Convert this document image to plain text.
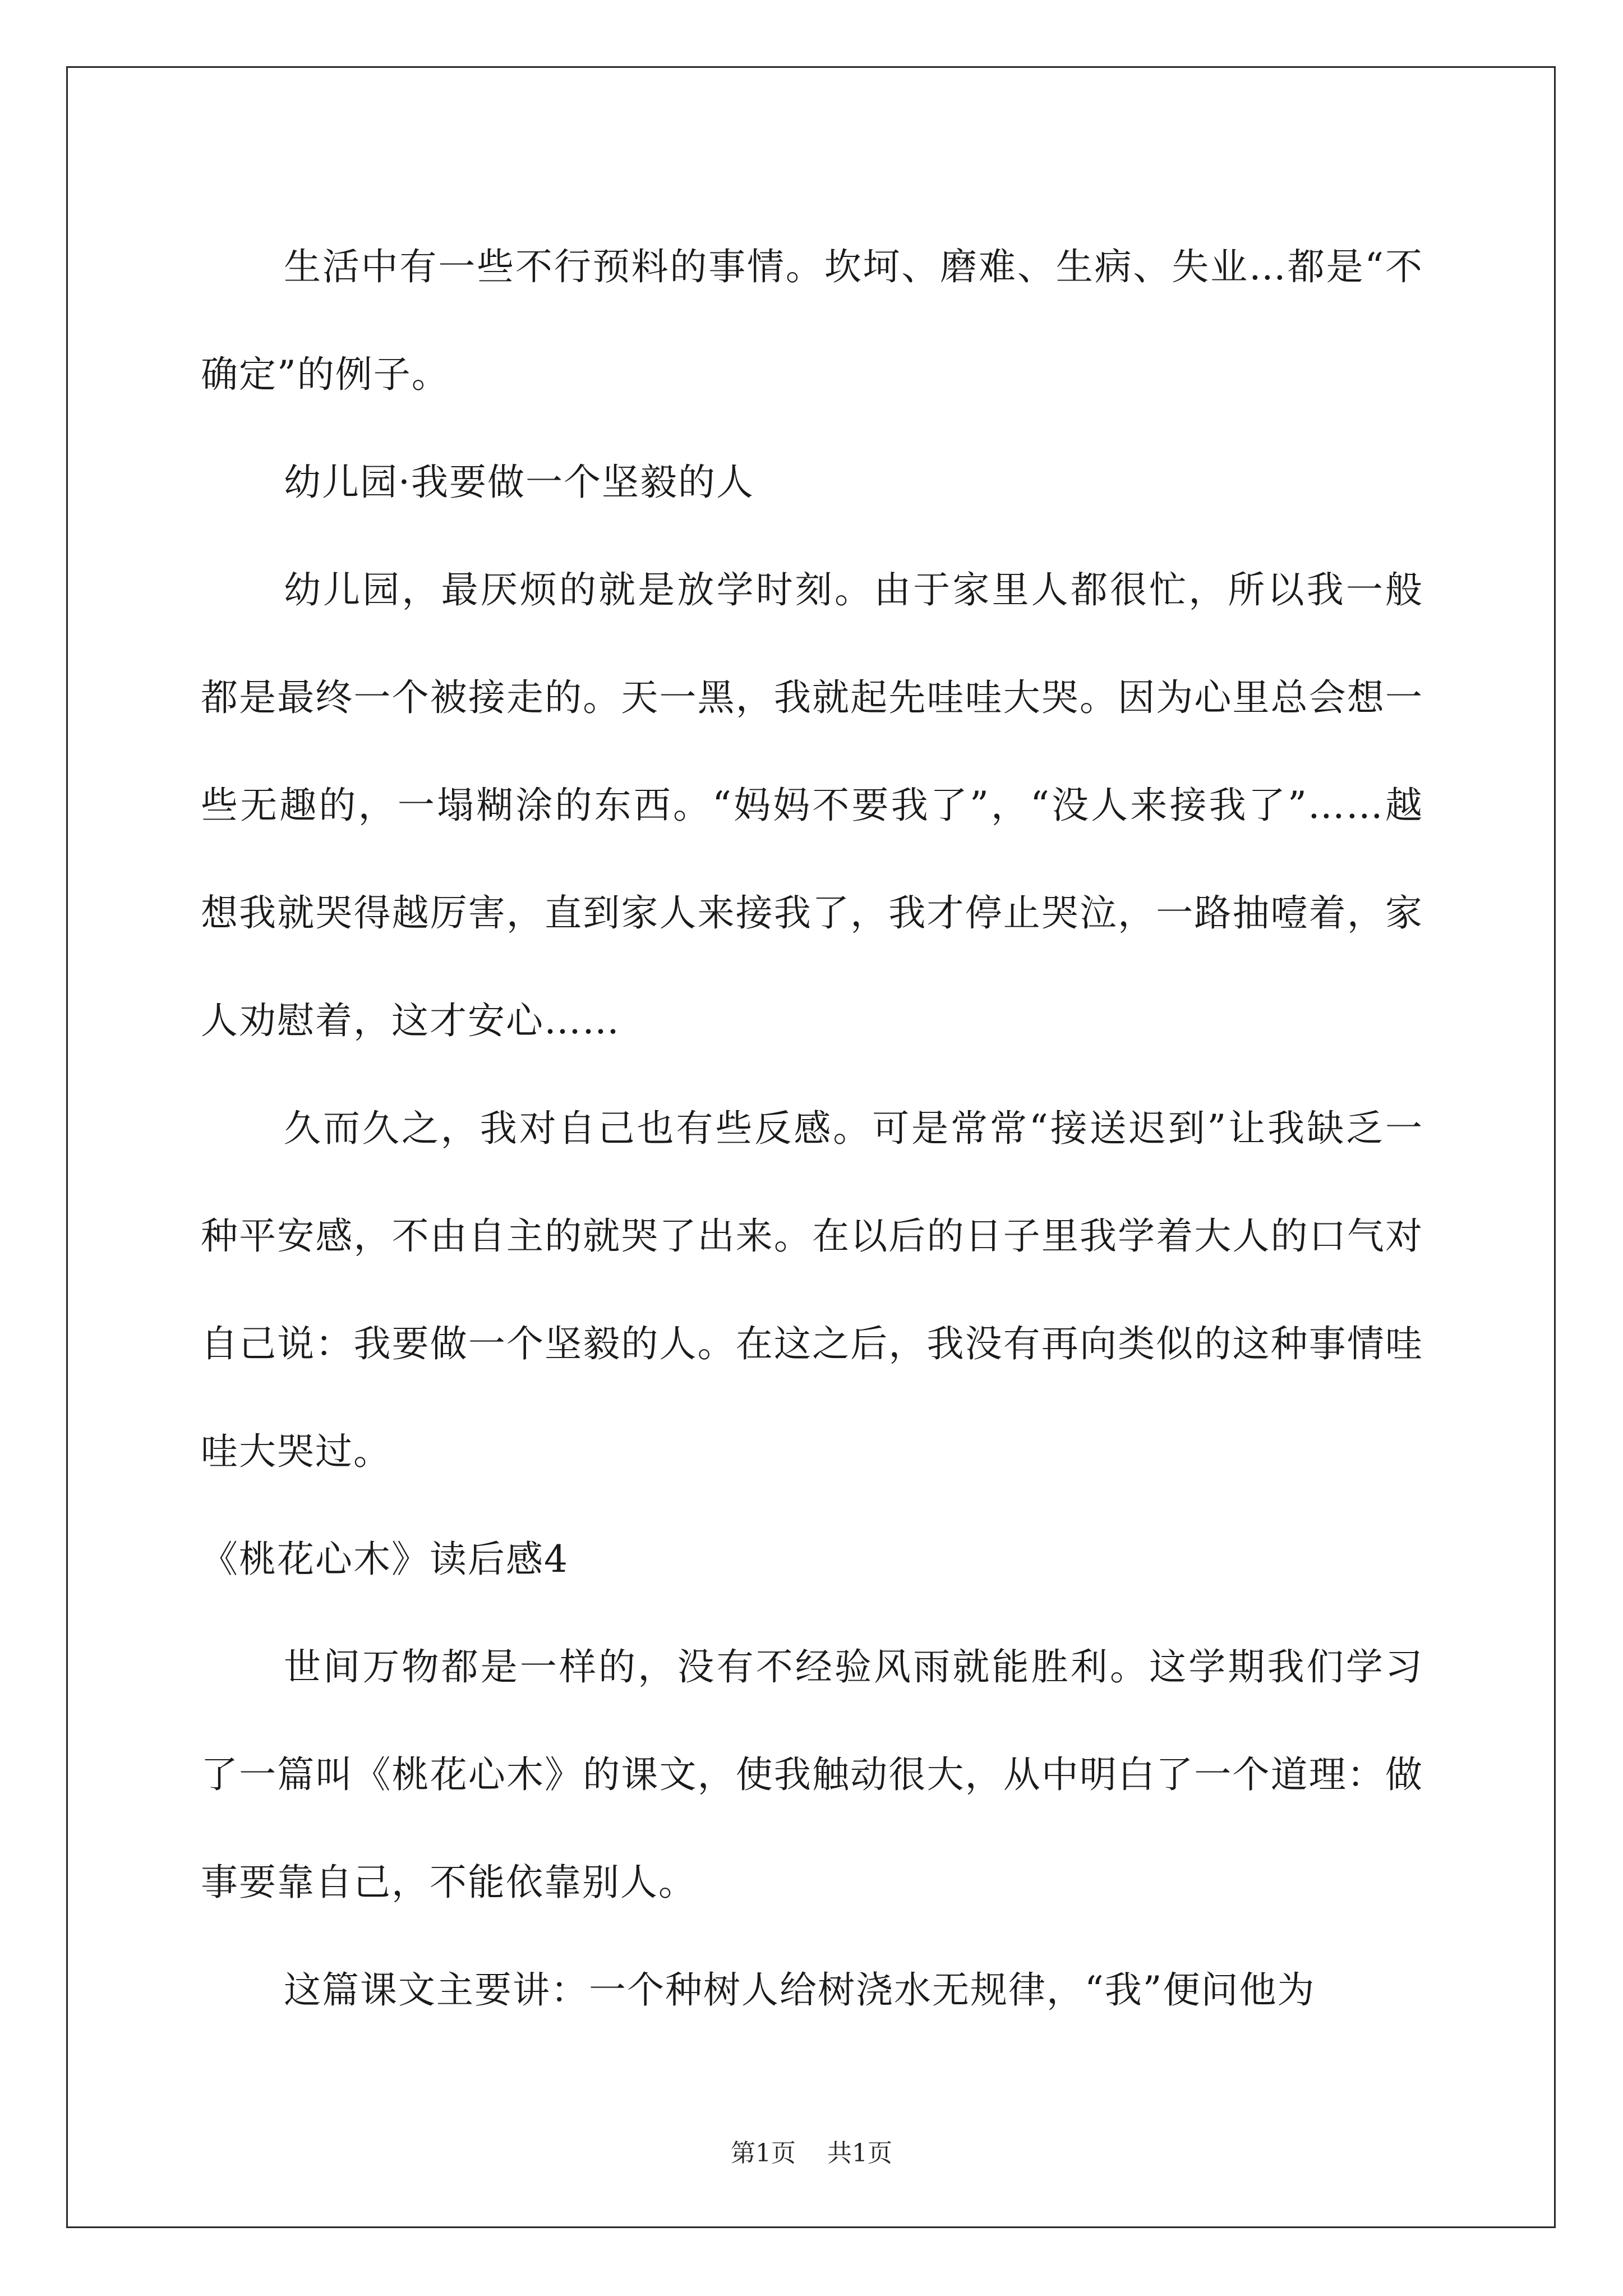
生活中有一些不行预料的事情。坎坷、磨难、生病、失业…都是“不确定”的例子。

幼儿园·我要做一个坚毅的人

幼儿园，最厌烦的就是放学时刻。由于家里人都很忙，所以我一般都是最终一个被接走的。天一黑，我就起先哇哇大哭。因为心里总会想一些无趣的，一塌糊涂的东西。“妈妈不要我了”，“没人来接我了”……越想我就哭得越厉害，直到家人来接我了，我才停止哭泣，一路抽噎着，家人劝慰着，这才安心……

久而久之，我对自己也有些反感。可是常常“接送迟到”让我缺乏一种平安感，不由自主的就哭了出来。在以后的日子里我学着大人的口气对自己说：我要做一个坚毅的人。在这之后，我没有再向类似的这种事情哇哇大哭过。

《桃花心木》读后感4

世间万物都是一样的，没有不经验风雨就能胜利。这学期我们学习了一篇叫《桃花心木》的课文，使我触动很大，从中明白了一个道理：做事要靠自己，不能依靠别人。

这篇课文主要讲：一个种树人给树浇水无规律，“我”便问他为

第1页 共1页
